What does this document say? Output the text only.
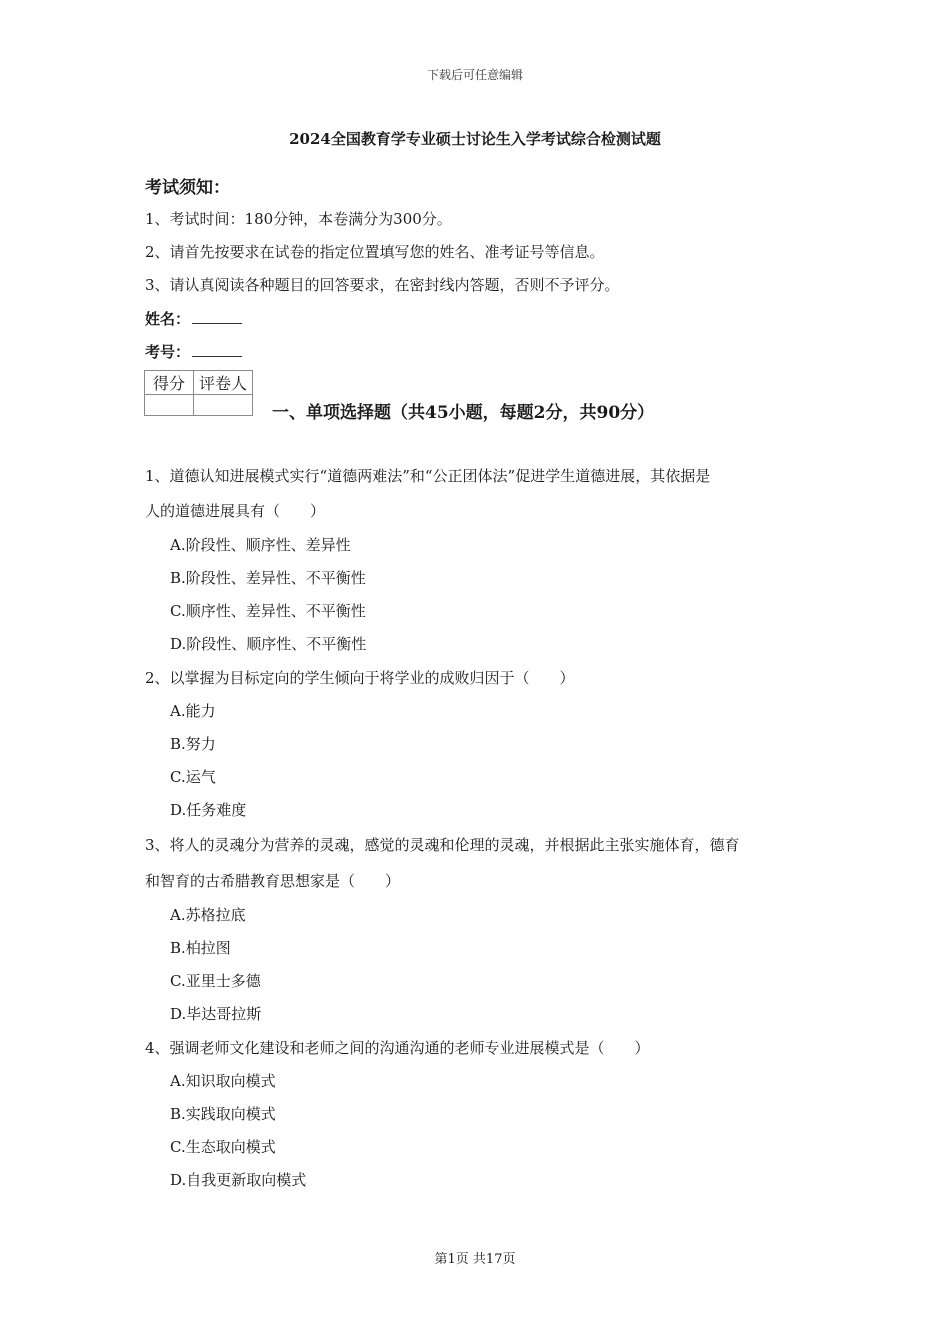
下载后可任意编辑
2024全国教育学专业硕士讨论生入学考试综合检测试题
考试须知：
1、考试时间：180分钟，本卷满分为300分。
2、请首先按要求在试卷的指定位置填写您的姓名、准考证号等信息。
3、请认真阅读各种题目的回答要求，在密封线内答题，否则不予评分。
姓名：
考号：
得分	评卷人

一、单项选择题（共45小题，每题2分，共90分）
1、道德认知进展模式实行“道德两难法”和“公正团体法”促进学生道德进展，其依据是
人的道德进展具有（　　）
A.阶段性、顺序性、差异性
B.阶段性、差异性、不平衡性
C.顺序性、差异性、不平衡性
D.阶段性、顺序性、不平衡性
2、以掌握为目标定向的学生倾向于将学业的成败归因于（　　）
A.能力
B.努力
C.运气
D.任务难度
3、将人的灵魂分为营养的灵魂，感觉的灵魂和伦理的灵魂，并根据此主张实施体育，德育
和智育的古希腊教育思想家是（　　）
A.苏格拉底
B.柏拉图
C.亚里士多德
D.毕达哥拉斯
4、强调老师文化建设和老师之间的沟通沟通的老师专业进展模式是（　　）
A.知识取向模式
B.实践取向模式
C.生态取向模式
D.自我更新取向模式
第1页 共17页
